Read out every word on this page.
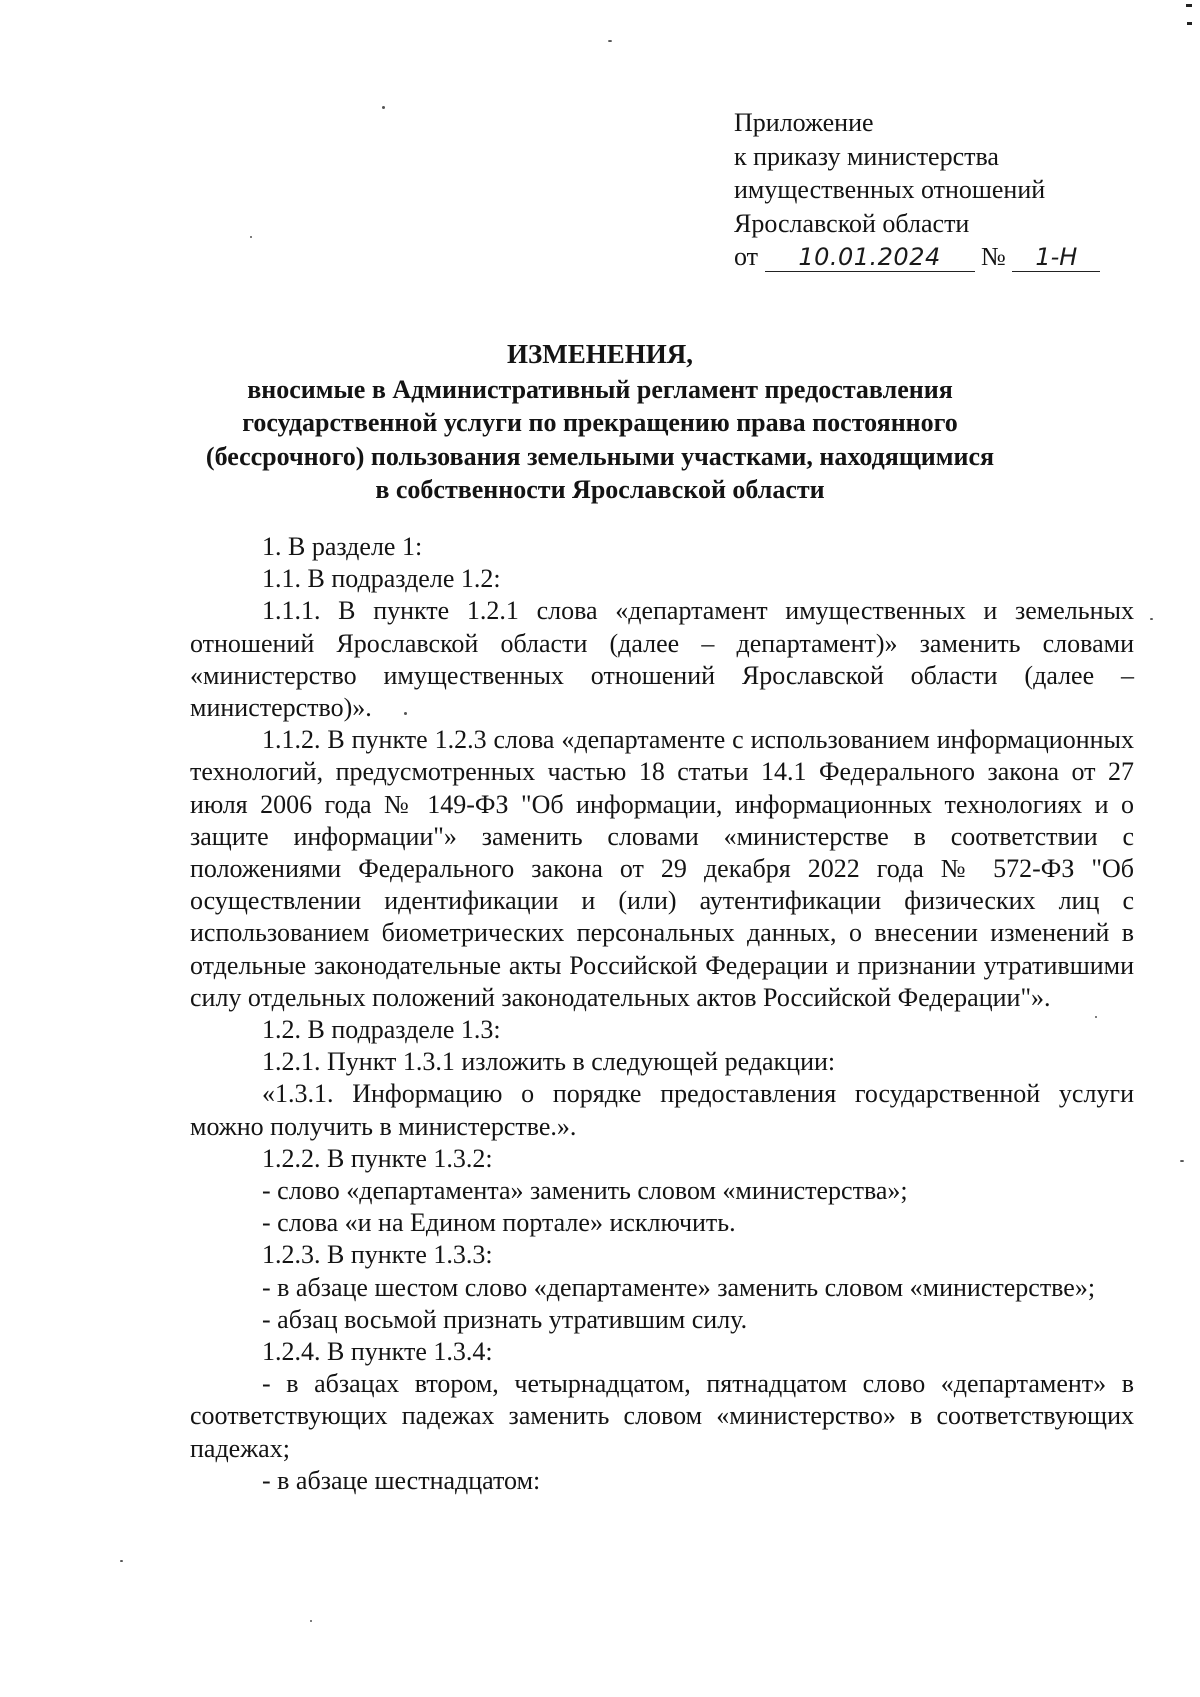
Приложение
к приказу министерства
имущественных отношений
Ярославской области
от 10.01.2024 № 1-Н
ИЗМЕНЕНИЯ,
вносимые в Административный регламент предоставления
государственной услуги по прекращению права постоянного
(бессрочного) пользования земельными участками, находящимися
в собственности Ярославской области

1. В разделе 1:

1.1. В подразделе 1.2:

1.1.1. В пункте 1.2.1 слова «департамент имущественных и земельных отношений Ярославской области (далее – департамент)» заменить словами «министерство имущественных отношений Ярославской области (далее – министерство)».

1.1.2. В пункте 1.2.3 слова «департаменте с использованием информационных технологий, предусмотренных частью 18 статьи 14.1 Федерального закона от 27 июля 2006 года № 149-ФЗ "Об информации, информационных технологиях и о защите информации"» заменить словами «министерстве в соответствии с положениями Федерального закона от 29 декабря 2022 года № 572-ФЗ "Об осуществлении идентификации и (или) аутентификации физических лиц с использованием биометрических персональных данных, о внесении изменений в отдельные законодательные акты Российской Федерации и признании утратившими силу отдельных положений законодательных актов Российской Федерации"».

1.2. В подразделе 1.3:

1.2.1. Пункт 1.3.1 изложить в следующей редакции:

«1.3.1. Информацию о порядке предоставления государственной услуги можно получить в министерстве.».

1.2.2. В пункте 1.3.2:

- слово «департамента» заменить словом «министерства»;

- слова «и на Едином портале» исключить.

1.2.3. В пункте 1.3.3:

- в абзаце шестом слово «департаменте» заменить словом «министерстве»;

- абзац восьмой признать утратившим силу.

1.2.4. В пункте 1.3.4:

- в абзацах втором, четырнадцатом, пятнадцатом слово «департамент» в соответствующих падежах заменить словом «министерство» в соответствующих падежах;

- в абзаце шестнадцатом:
